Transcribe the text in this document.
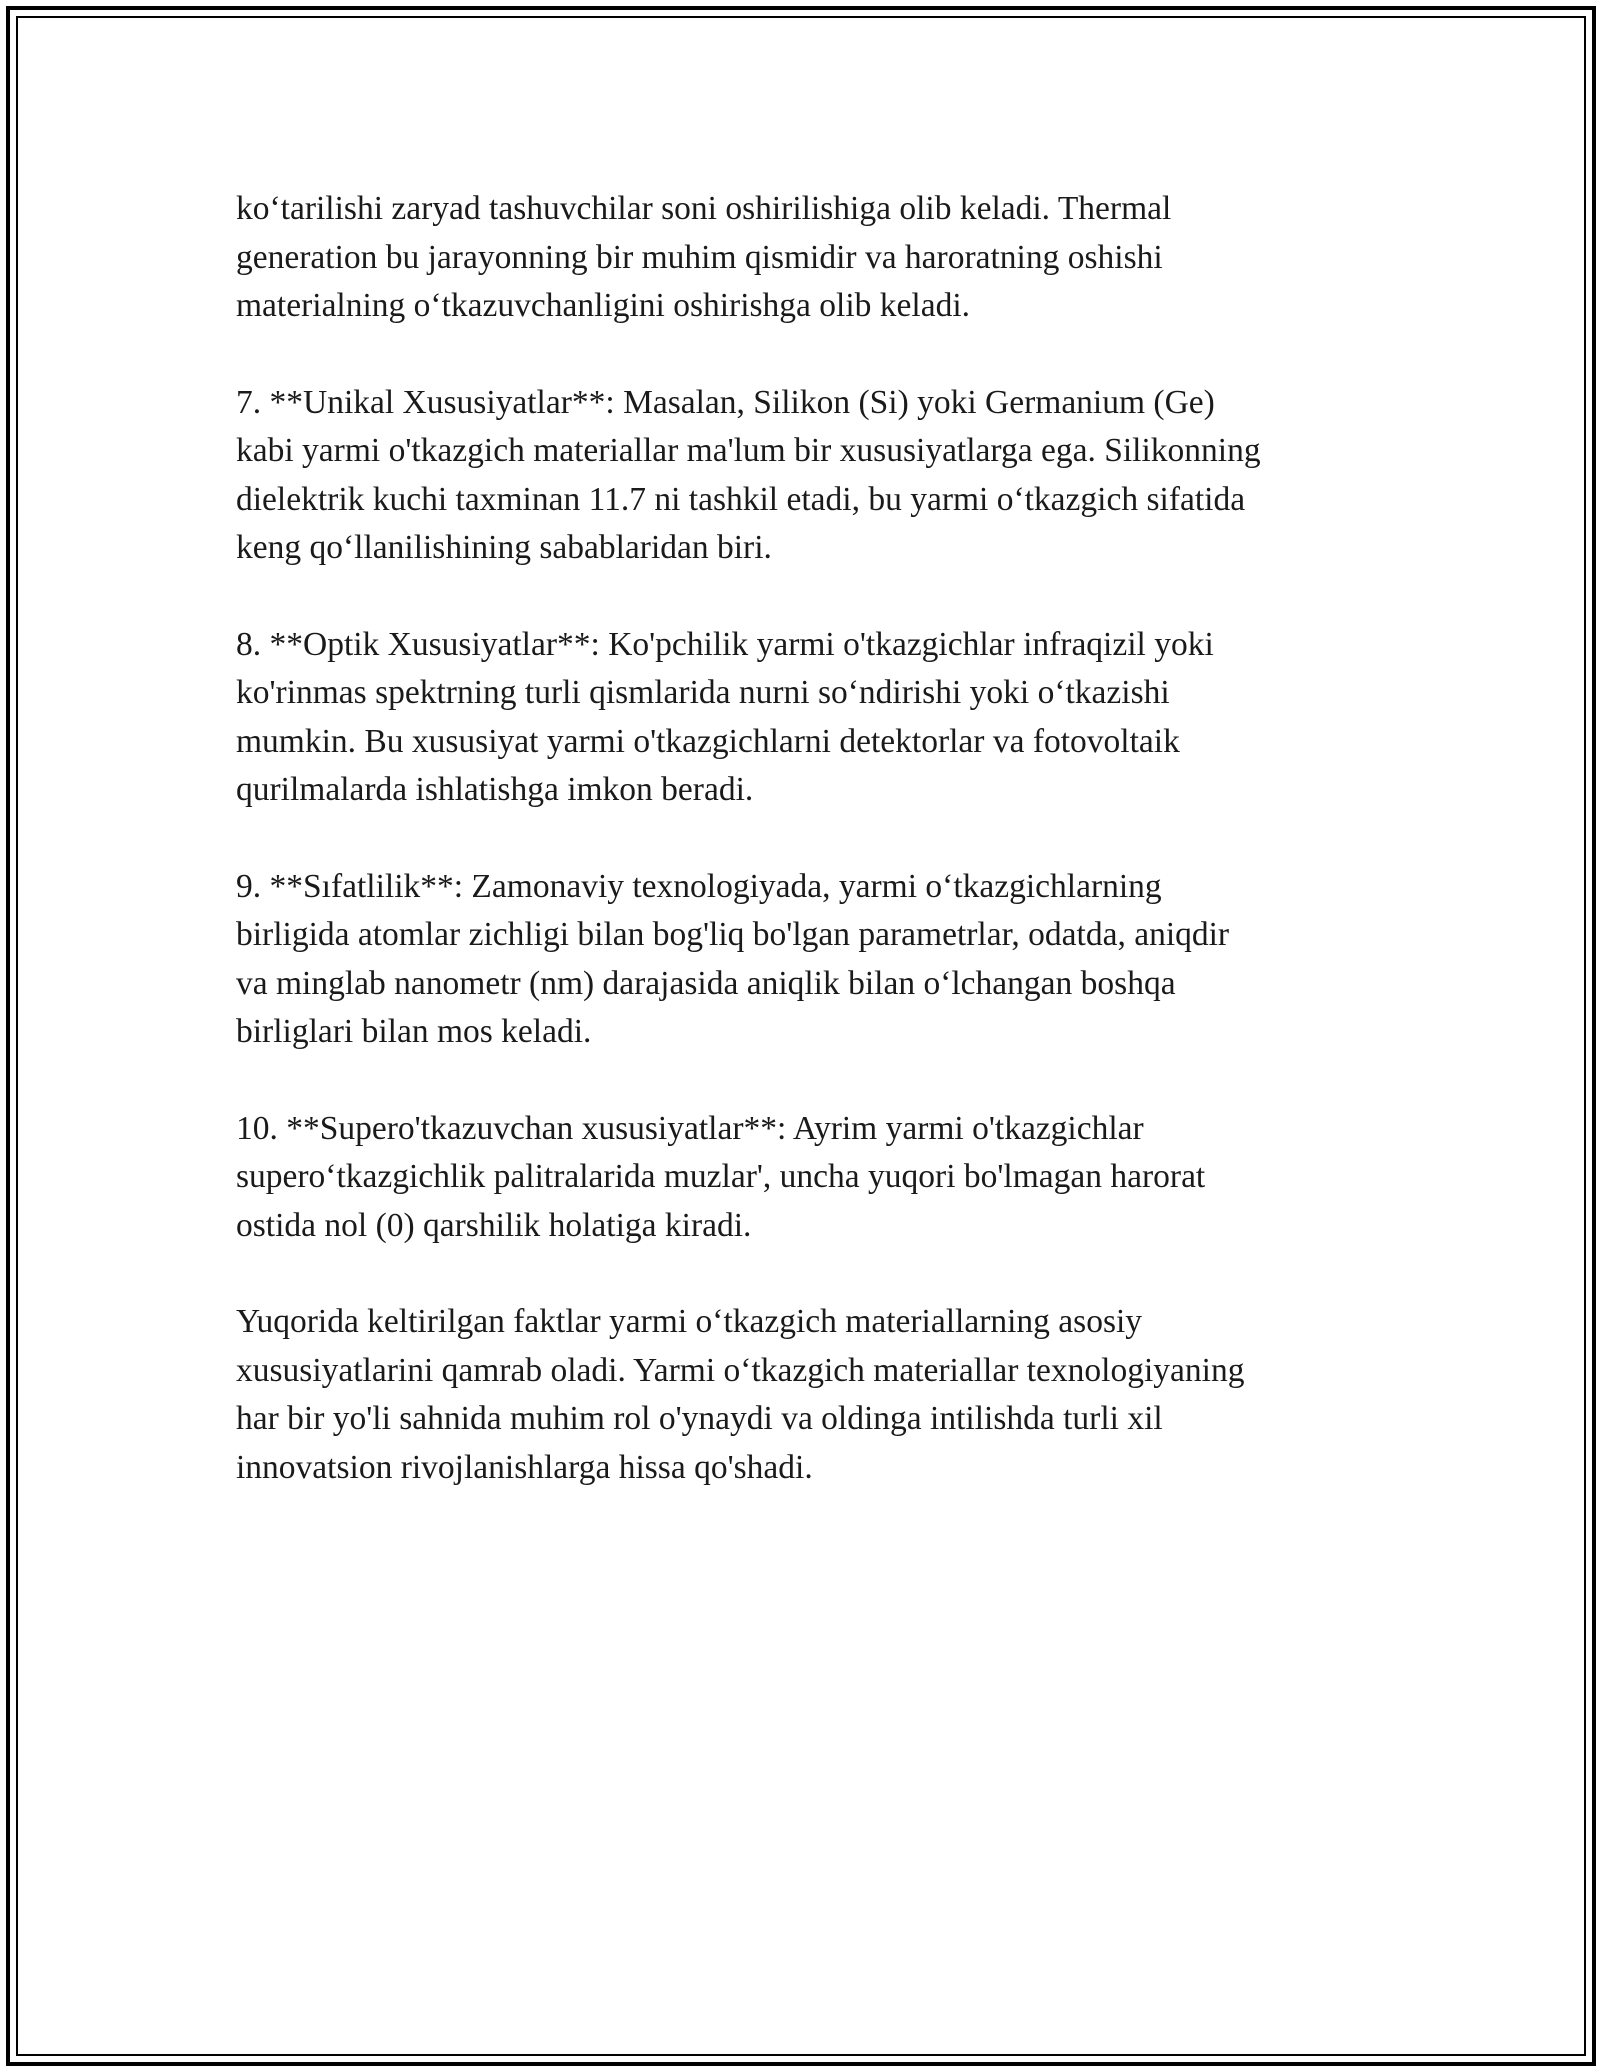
ko‘tarilishi zaryad tashuvchilar soni oshirilishiga olib keladi. Thermal
generation bu jarayonning bir muhim qismidir va haroratning oshishi
materialning o‘tkazuvchanligini oshirishga olib keladi.

7. **Unikal Xususiyatlar**: Masalan, Silikon (Si) yoki Germanium (Ge)
kabi yarmi o'tkazgich materiallar ma'lum bir xususiyatlarga ega. Silikonning
dielektrik kuchi taxminan 11.7 ni tashkil etadi, bu yarmi o‘tkazgich sifatida
keng qo‘llanilishining sabablaridan biri.

8. **Optik Xususiyatlar**: Ko'pchilik yarmi o'tkazgichlar infraqizil yoki
ko'rinmas spektrning turli qismlarida nurni so‘ndirishi yoki o‘tkazishi
mumkin. Bu xususiyat yarmi o'tkazgichlarni detektorlar va fotovoltaik
qurilmalarda ishlatishga imkon beradi.

9. **Sıfatlilik**: Zamonaviy texnologiyada, yarmi o‘tkazgichlarning
birligida atomlar zichligi bilan bog'liq bo'lgan parametrlar, odatda, aniqdir
va minglab nanometr (nm) darajasida aniqlik bilan o‘lchangan boshqa
birliglari bilan mos keladi.

10. **Supero'tkazuvchan xususiyatlar**: Ayrim yarmi o'tkazgichlar
supero‘tkazgichlik palitralarida muzlar', uncha yuqori bo'lmagan harorat
ostida nol (0) qarshilik holatiga kiradi.

Yuqorida keltirilgan faktlar yarmi o‘tkazgich materiallarning asosiy
xususiyatlarini qamrab oladi. Yarmi o‘tkazgich materiallar texnologiyaning
har bir yo'li sahnida muhim rol o'ynaydi va oldinga intilishda turli xil
innovatsion rivojlanishlarga hissa qo'shadi.
